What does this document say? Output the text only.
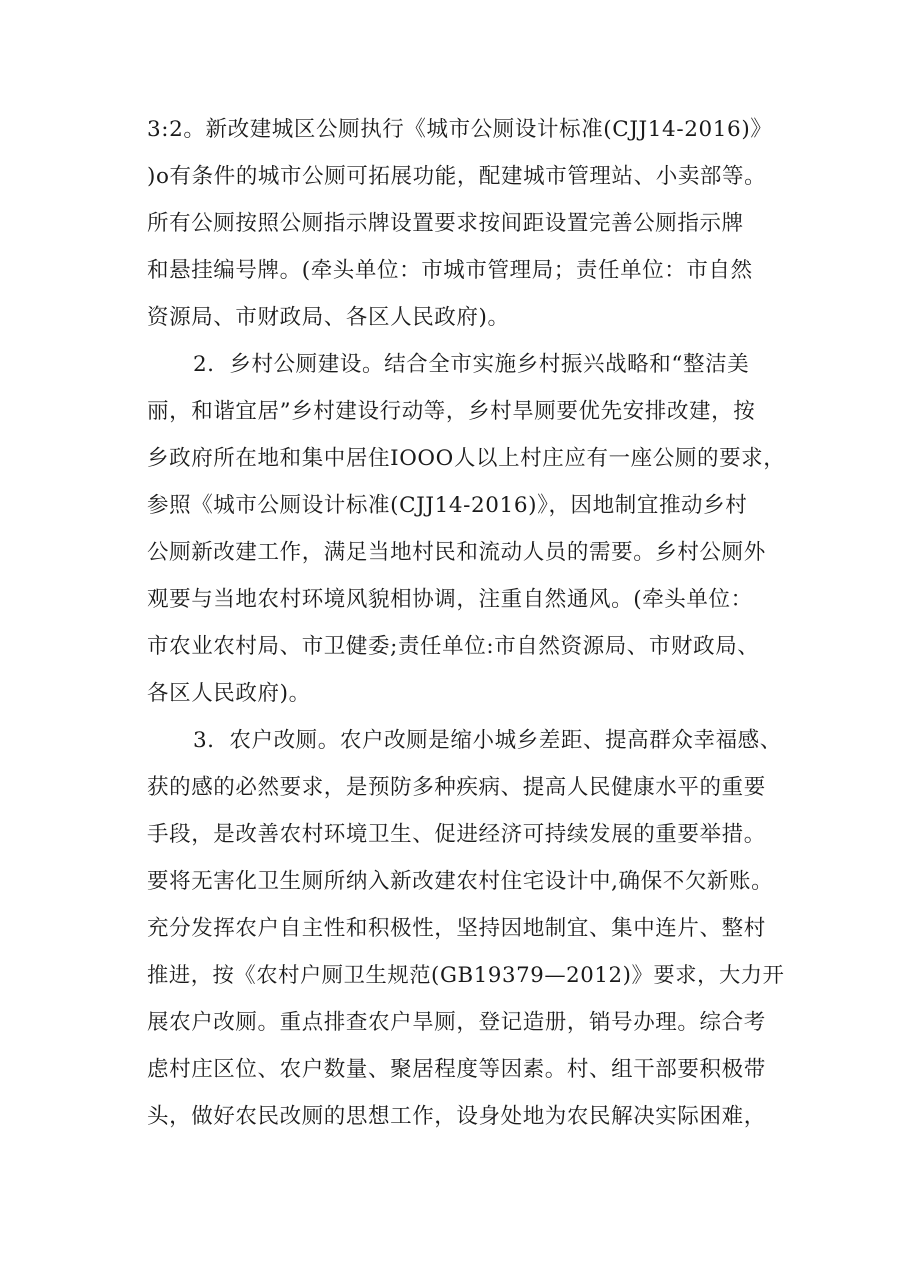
3:2。新改建城区公厕执行《城市公厕设计标准(CJJ14-2016)》
)o有条件的城市公厕可拓展功能，配建城市管理站、小卖部等。
所有公厕按照公厕指示牌设置要求按间距设置完善公厕指示牌
和悬挂编号牌。(牵头单位：市城市管理局；责任单位：市自然
资源局、市财政局、各区人民政府)。
2．乡村公厕建设。结合全市实施乡村振兴战略和“整洁美
丽，和谐宜居”乡村建设行动等，乡村旱厕要优先安排改建，按
乡政府所在地和集中居住IOOO人以上村庄应有一座公厕的要求，
参照《城市公厕设计标准(CJJ14-2016)》，因地制宜推动乡村
公厕新改建工作，满足当地村民和流动人员的需要。乡村公厕外
观要与当地农村环境风貌相协调，注重自然通风。(牵头单位：
市农业农村局、市卫健委;责任单位:市自然资源局、市财政局、
各区人民政府)。
3．农户改厕。农户改厕是缩小城乡差距、提高群众幸福感、
获的感的必然要求，是预防多种疾病、提高人民健康水平的重要
手段，是改善农村环境卫生、促进经济可持续发展的重要举措。
要将无害化卫生厕所纳入新改建农村住宅设计中,确保不欠新账。
充分发挥农户自主性和积极性，坚持因地制宜、集中连片、整村
推进，按《农村户厕卫生规范(GB19379—2012)》要求，大力开
展农户改厕。重点排查农户旱厕，登记造册，销号办理。综合考
虑村庄区位、农户数量、聚居程度等因素。村、组干部要积极带
头，做好农民改厕的思想工作，设身处地为农民解决实际困难，
